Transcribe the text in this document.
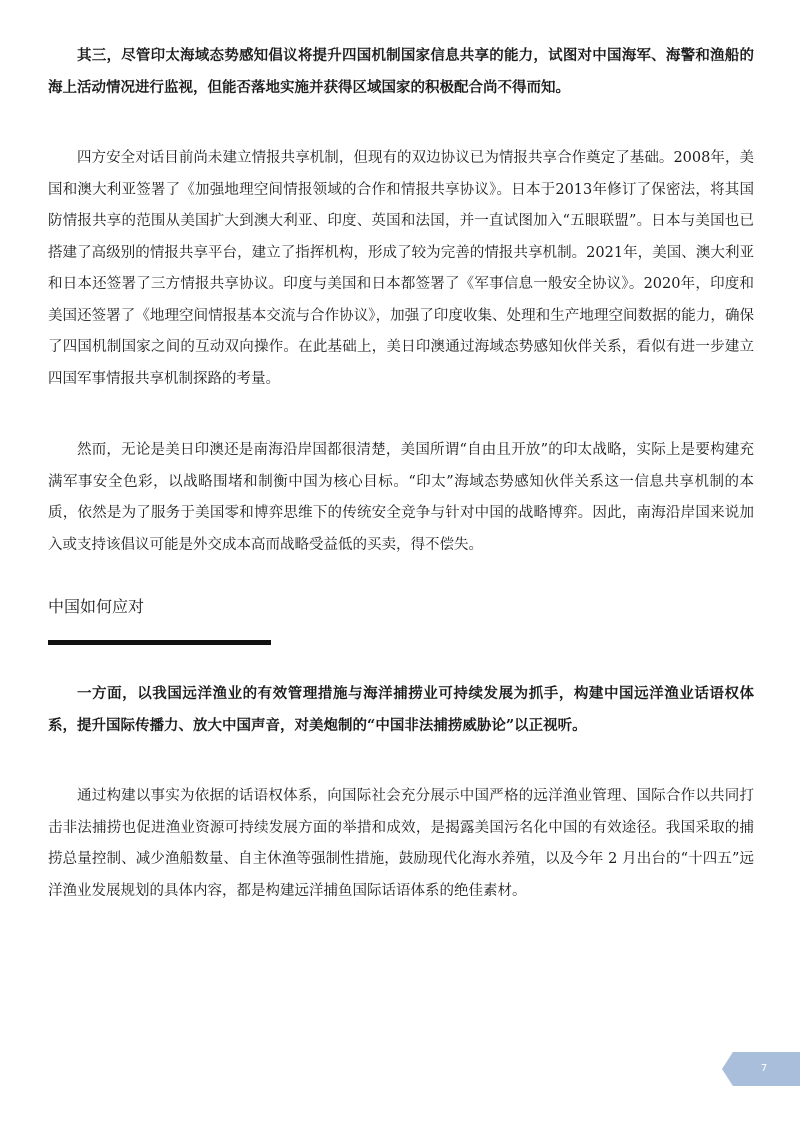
其三，尽管印太海域态势感知倡议将提升四国机制国家信息共享的能力，试图对中国海军、海警和渔船的海上活动情况进行监视，但能否落地实施并获得区域国家的积极配合尚不得而知。

四方安全对话目前尚未建立情报共享机制，但现有的双边协议已为情报共享合作奠定了基础。2008年，美国和澳大利亚签署了《加强地理空间情报领域的合作和情报共享协议》。日本于2013年修订了保密法，将其国防情报共享的范围从美国扩大到澳大利亚、印度、英国和法国，并一直试图加入“五眼联盟”。日本与美国也已搭建了高级别的情报共享平台，建立了指挥机构，形成了较为完善的情报共享机制。2021年，美国、澳大利亚和日本还签署了三方情报共享协议。印度与美国和日本都签署了《军事信息一般安全协议》。2020年，印度和美国还签署了《地理空间情报基本交流与合作协议》，加强了印度收集、处理和生产地理空间数据的能力，确保了四国机制国家之间的互动双向操作。在此基础上，美日印澳通过海域态势感知伙伴关系，看似有进一步建立四国军事情报共享机制探路的考量。

然而，无论是美日印澳还是南海沿岸国都很清楚，美国所谓“自由且开放”的印太战略，实际上是要构建充满军事安全色彩，以战略围堵和制衡中国为核心目标。“印太”海域态势感知伙伴关系这一信息共享机制的本质，依然是为了服务于美国零和博弈思维下的传统安全竞争与针对中国的战略博弈。因此，南海沿岸国来说加入或支持该倡议可能是外交成本高而战略受益低的买卖，得不偿失。

中国如何应对

一方面，以我国远洋渔业的有效管理措施与海洋捕捞业可持续发展为抓手，构建中国远洋渔业话语权体系，提升国际传播力、放大中国声音，对美炮制的“中国非法捕捞威胁论”以正视听。

通过构建以事实为依据的话语权体系，向国际社会充分展示中国严格的远洋渔业管理、国际合作以共同打击非法捕捞也促进渔业资源可持续发展方面的举措和成效，是揭露美国污名化中国的有效途径。我国采取的捕捞总量控制、减少渔船数量、自主休渔等强制性措施，鼓励现代化海水养殖，以及今年 2 月出台的“十四五”远洋渔业发展规划的具体内容，都是构建远洋捕鱼国际话语体系的绝佳素材。

7
